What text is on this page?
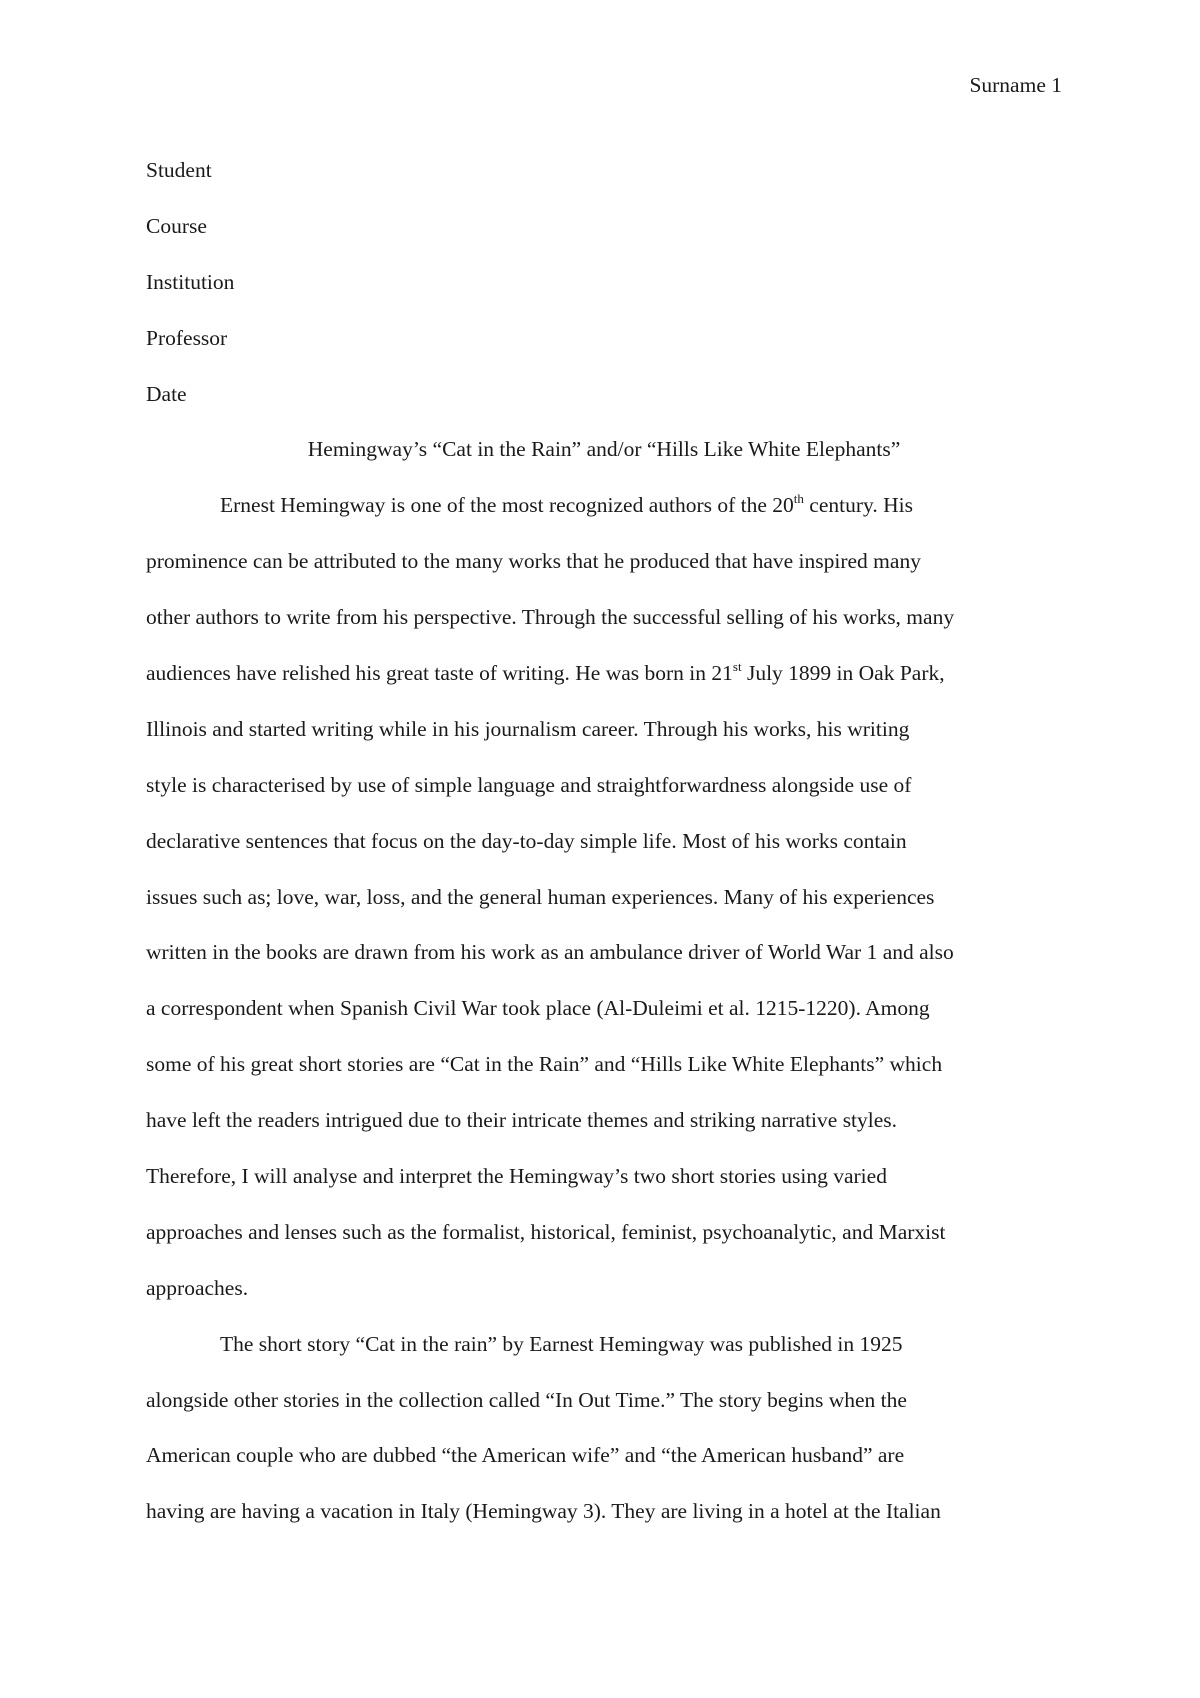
Surname 1
Student
Course
Institution
Professor
Date
Hemingway’s “Cat in the Rain” and/or “Hills Like White Elephants”
Ernest Hemingway is one of the most recognized authors of the 20th century. His
prominence can be attributed to the many works that he produced that have inspired many
other authors to write from his perspective. Through the successful selling of his works, many
audiences have relished his great taste of writing. He was born in 21st July 1899 in Oak Park,
Illinois and started writing while in his journalism career. Through his works, his writing
style is characterised by use of simple language and straightforwardness alongside use of
declarative sentences that focus on the day-to-day simple life. Most of his works contain
issues such as; love, war, loss, and the general human experiences. Many of his experiences
written in the books are drawn from his work as an ambulance driver of World War 1 and also
a correspondent when Spanish Civil War took place (Al-Duleimi et al. 1215-1220). Among
some of his great short stories are “Cat in the Rain” and “Hills Like White Elephants” which
have left the readers intrigued due to their intricate themes and striking narrative styles.
Therefore, I will analyse and interpret the Hemingway’s two short stories using varied
approaches and lenses such as the formalist, historical, feminist, psychoanalytic, and Marxist
approaches.
The short story “Cat in the rain” by Earnest Hemingway was published in 1925
alongside other stories in the collection called “In Out Time.” The story begins when the
American couple who are dubbed “the American wife” and “the American husband” are
having are having a vacation in Italy (Hemingway 3). They are living in a hotel at the Italian
